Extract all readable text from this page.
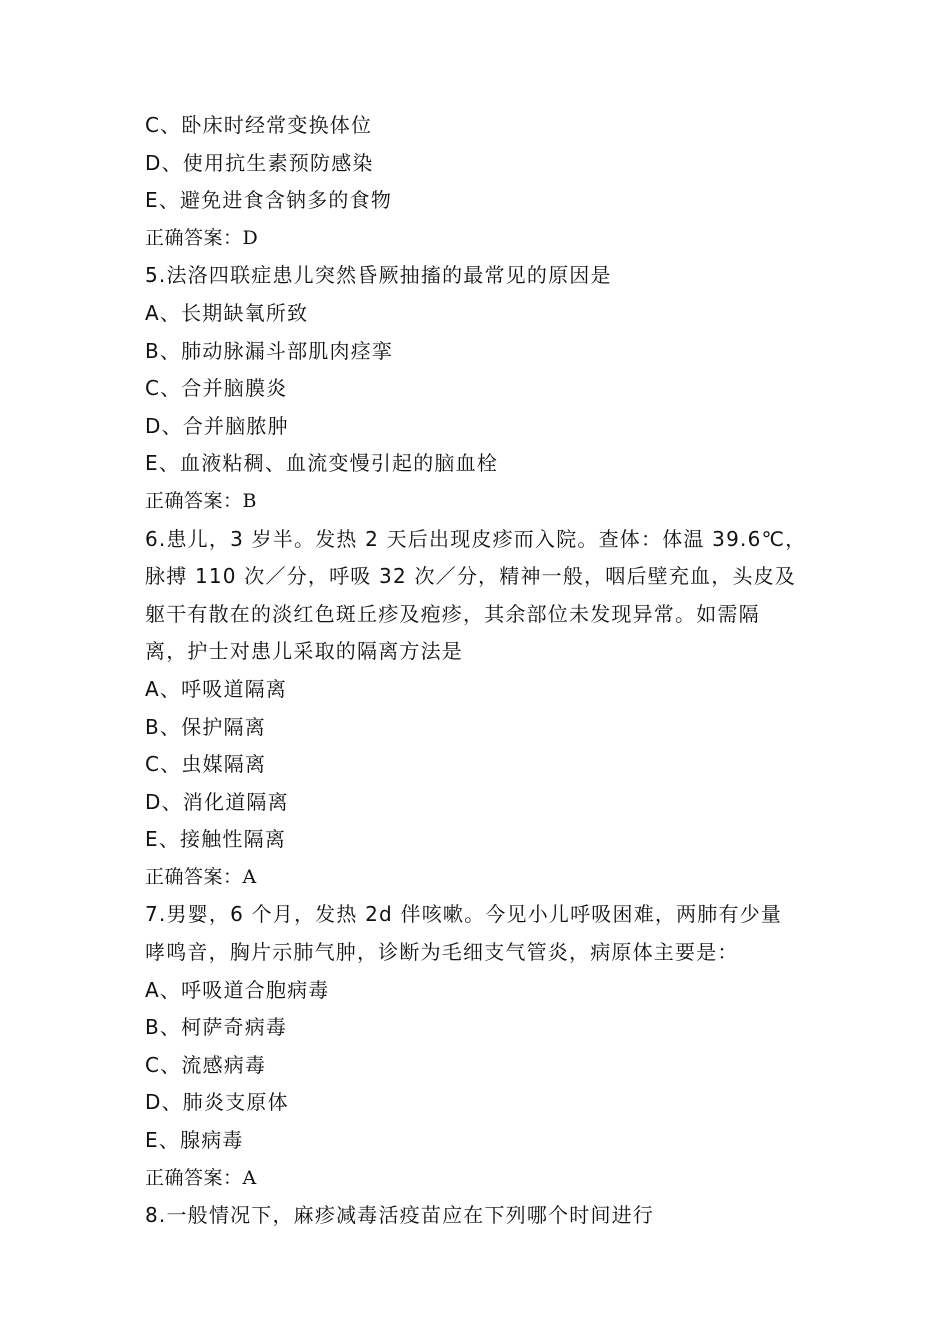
C、卧床时经常变换体位
D、使用抗生素预防感染
E、避免进食含钠多的食物
正确答案：D
5.法洛四联症患儿突然昏厥抽搐的最常见的原因是
A、长期缺氧所致
B、肺动脉漏斗部肌肉痉挛
C、合并脑膜炎
D、合并脑脓肿
E、血液粘稠、血流变慢引起的脑血栓
正确答案：B
6.患儿，3 岁半。发热 2 天后出现皮疹而入院。查体：体温 39.6℃，
脉搏 110 次／分，呼吸 32 次／分，精神一般，咽后壁充血，头皮及
躯干有散在的淡红色斑丘疹及疱疹，其余部位未发现异常。如需隔
离，护士对患儿采取的隔离方法是
A、呼吸道隔离
B、保护隔离
C、虫媒隔离
D、消化道隔离
E、接触性隔离
正确答案：A
7.男婴，6 个月，发热 2d 伴咳嗽。今见小儿呼吸困难，两肺有少量
哮鸣音，胸片示肺气肿，诊断为毛细支气管炎，病原体主要是：
A、呼吸道合胞病毒
B、柯萨奇病毒
C、流感病毒
D、肺炎支原体
E、腺病毒
正确答案：A
8.一般情况下，麻疹减毒活疫苗应在下列哪个时间进行
